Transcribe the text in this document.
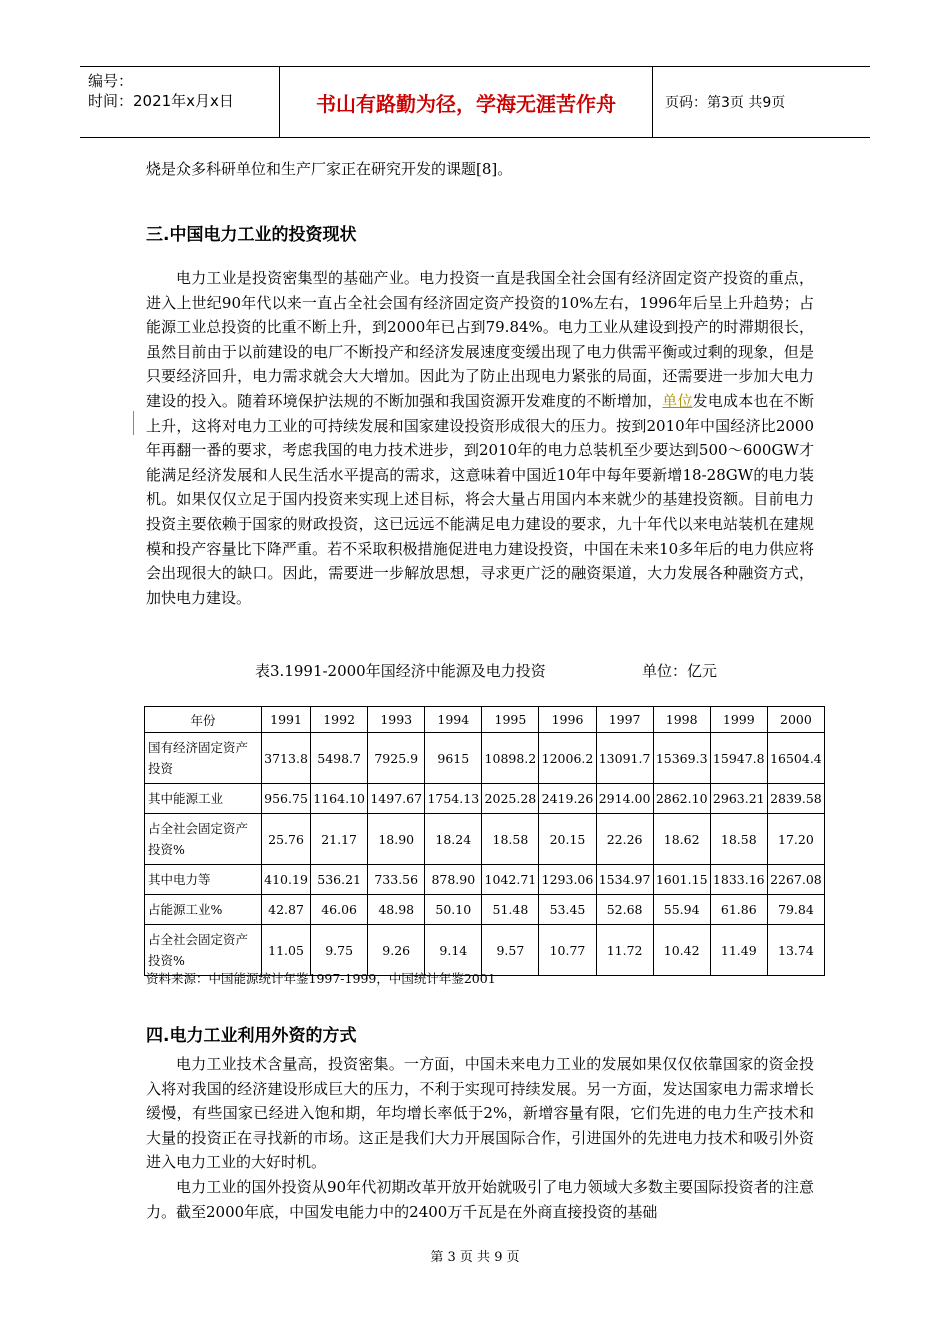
编号：
时间：2021年x月x日	书山有路勤为径，学海无涯苦作舟	页码：第3页 共9页
烧是众多科研单位和生产厂家正在研究开发的课题[8]。
三.中国电力工业的投资现状

电力工业是投资密集型的基础产业。电力投资一直是我国全社会国有经济固定资产投资的重点，进入上世纪90年代以来一直占全社会国有经济固定资产投资的10%左右，1996年后呈上升趋势；占能源工业总投资的比重不断上升，到2000年已占到79.84%。电力工业从建设到投产的时滞期很长，虽然目前由于以前建设的电厂不断投产和经济发展速度变缓出现了电力供需平衡或过剩的现象，但是只要经济回升，电力需求就会大大增加。因此为了防止出现电力紧张的局面，还需要进一步加大电力建设的投入。随着环境保护法规的不断加强和我国资源开发难度的不断增加，单位发电成本也在不断上升，这将对电力工业的可持续发展和国家建设投资形成很大的压力。按到2010年中国经济比2000年再翻一番的要求，考虑我国的电力技术进步，到2010年的电力总装机至少要达到500～600GW才能满足经济发展和人民生活水平提高的需求，这意味着中国近10年中每年要新增18-28GW的电力装机。如果仅仅立足于国内投资来实现上述目标，将会大量占用国内本来就少的基建投资额。目前电力投资主要依赖于国家的财政投资，这已远远不能满足电力建设的要求，九十年代以来电站装机在建规模和投产容量比下降严重。若不采取积极措施促进电力建设投资，中国在未来10多年后的电力供应将会出现很大的缺口。因此，需要进一步解放思想，寻求更广泛的融资渠道，大力发展各种融资方式，加快电力建设。

表3.1991-2000年国经济中能源及电力投资	单位：亿元
年份	1991	1992	1993	1994	1995	1996	1997	1998	1999	2000
国有经济固定资产投资	3713.8	5498.7	7925.9	9615	10898.2	12006.2	13091.7	15369.3	15947.8	16504.4
其中能源工业	956.75	1164.10	1497.67	1754.13	2025.28	2419.26	2914.00	2862.10	2963.21	2839.58
占全社会固定资产投资%	25.76	21.17	18.90	18.24	18.58	20.15	22.26	18.62	18.58	17.20
其中电力等	410.19	536.21	733.56	878.90	1042.71	1293.06	1534.97	1601.15	1833.16	2267.08
占能源工业%	42.87	46.06	48.98	50.10	51.48	53.45	52.68	55.94	61.86	79.84
占全社会固定资产投资%	11.05	9.75	9.26	9.14	9.57	10.77	11.72	10.42	11.49	13.74
资料来源：中国能源统计年鉴1997-1999，中国统计年鉴2001
四.电力工业利用外资的方式

电力工业技术含量高，投资密集。一方面，中国未来电力工业的发展如果仅仅依靠国家的资金投入将对我国的经济建设形成巨大的压力，不利于实现可持续发展。另一方面，发达国家电力需求增长缓慢，有些国家已经进入饱和期，年均增长率低于2%，新增容量有限，它们先进的电力生产技术和大量的投资正在寻找新的市场。这正是我们大力开展国际合作，引进国外的先进电力技术和吸引外资进入电力工业的大好时机。

电力工业的国外投资从90年代初期改革开放开始就吸引了电力领域大多数主要国际投资者的注意力。截至2000年底，中国发电能力中的2400万千瓦是在外商直接投资的基础

第 3 页 共 9 页
